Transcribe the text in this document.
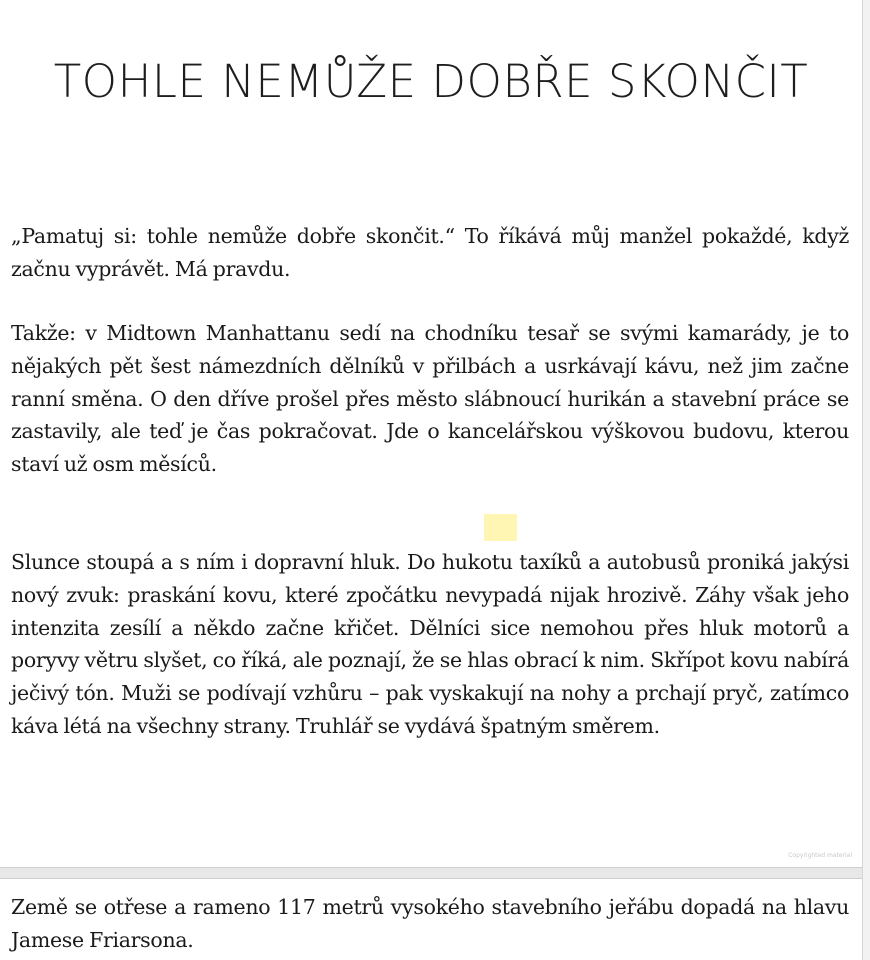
TOHLE NEMŮŽE DOBŘE SKONČIT

„Pamatuj si: tohle nemůže dobře skončit.“ To říkává můj manžel pokaždé, když začnu vyprávět. Má pravdu.

Takže: v Midtown Manhattanu sedí na chodníku tesař se svými kamarády, je to nějakých pět šest námezdních dělníků v přilbách a usrkávají kávu, než jim začne ranní směna. O den dříve prošel přes město slábnoucí hurikán a stavební práce se zastavily, ale teď je čas pokračovat. Jde o kancelářskou výškovou budovu, kterou staví už osm měsíců.

Slunce stoupá a s ním i dopravní hluk. Do hukotu taxíků a autobusů proniká jakýsi nový zvuk: praskání kovu, které zpočátku nevypadá nijak hrozivě. Záhy však jeho intenzita zesílí a někdo začne křičet. Dělníci sice nemohou přes hluk motorů a poryvy větru slyšet, co říká, ale poznají, že se hlas obrací k nim. Skřípot kovu nabírá ječivý tón. Muži se podívají vzhůru – pak vyskakují na nohy a prchají pryč, zatímco káva létá na všechny strany. Truhlář se vydává špatným směrem.

Copyrighted material

Země se otřese a rameno 117 metrů vysokého stavebního jeřábu dopadá na hlavu Jamese Friarsona.
